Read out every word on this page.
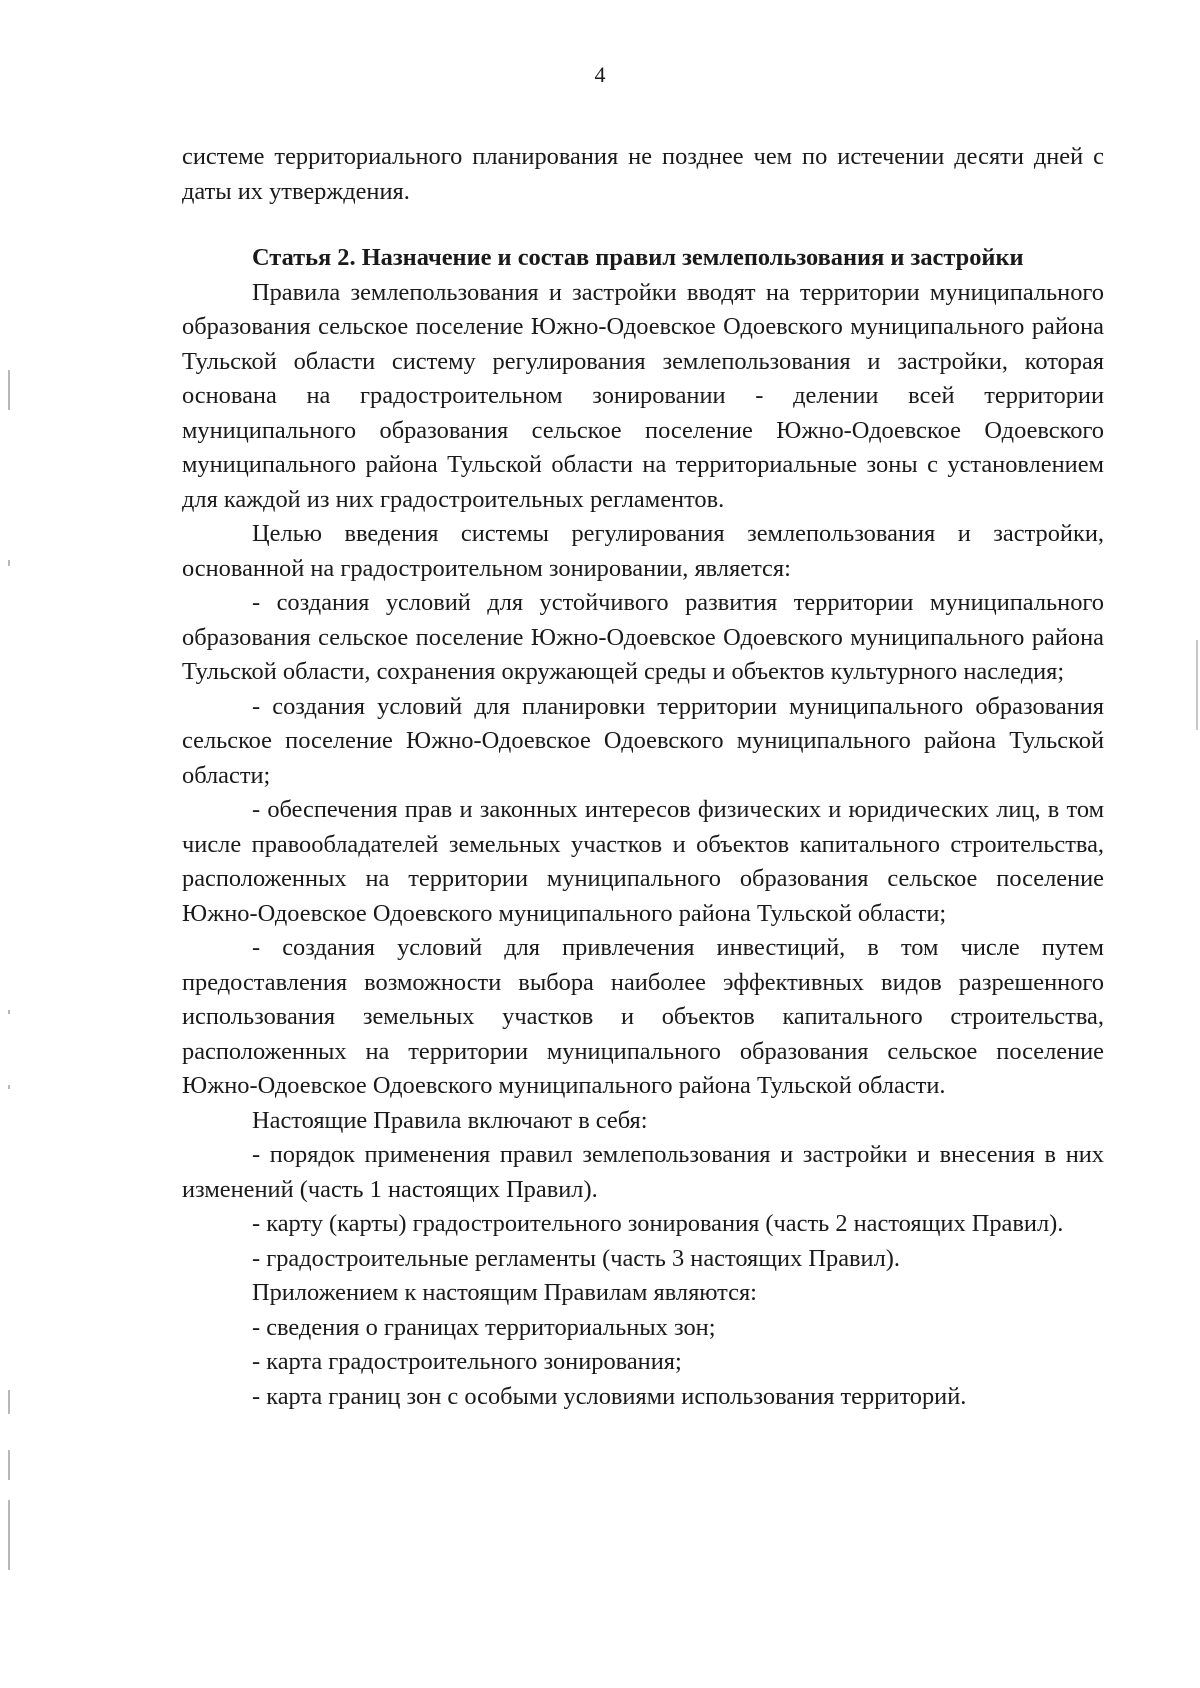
4

системе территориального планирования не позднее чем по истечении десяти дней с даты их утверждения.

Статья 2. Назначение и состав правил землепользования и застройки

Правила землепользования и застройки вводят на территории муниципального образования сельское поселение Южно-Одоевское Одоевского муниципального района Тульской области систему регулирования землепользования и застройки, которая основана на градостроительном зонировании - делении всей территории муниципального образования сельское поселение Южно-Одоевское Одоевского муниципального района Тульской области на территориальные зоны с установлением для каждой из них градостроительных регламентов.

Целью введения системы регулирования землепользования и застройки, основанной на градостроительном зонировании, является:

- создания условий для устойчивого развития территории муниципального образования сельское поселение Южно-Одоевское Одоевского муниципального района Тульской области, сохранения окружающей среды и объектов культурного наследия;

- создания условий для планировки территории муниципального образования сельское поселение Южно-Одоевское Одоевского муниципального района Тульской области;

- обеспечения прав и законных интересов физических и юридических лиц, в том числе правообладателей земельных участков и объектов капитального строительства, расположенных на территории муниципального образования сельское поселение Южно-Одоевское Одоевского муниципального района Тульской области;

- создания условий для привлечения инвестиций, в том числе путем предоставления возможности выбора наиболее эффективных видов разрешенного использования земельных участков и объектов капитального строительства, расположенных на территории муниципального образования сельское поселение Южно-Одоевское Одоевского муниципального района Тульской области.

Настоящие Правила включают в себя:

- порядок применения правил землепользования и застройки и внесения в них изменений (часть 1 настоящих Правил).

- карту (карты) градостроительного зонирования (часть 2 настоящих Правил).

- градостроительные регламенты (часть 3 настоящих Правил).

Приложением к настоящим Правилам являются:

- сведения о границах территориальных зон;

- карта градостроительного зонирования;

- карта границ зон с особыми условиями использования территорий.
